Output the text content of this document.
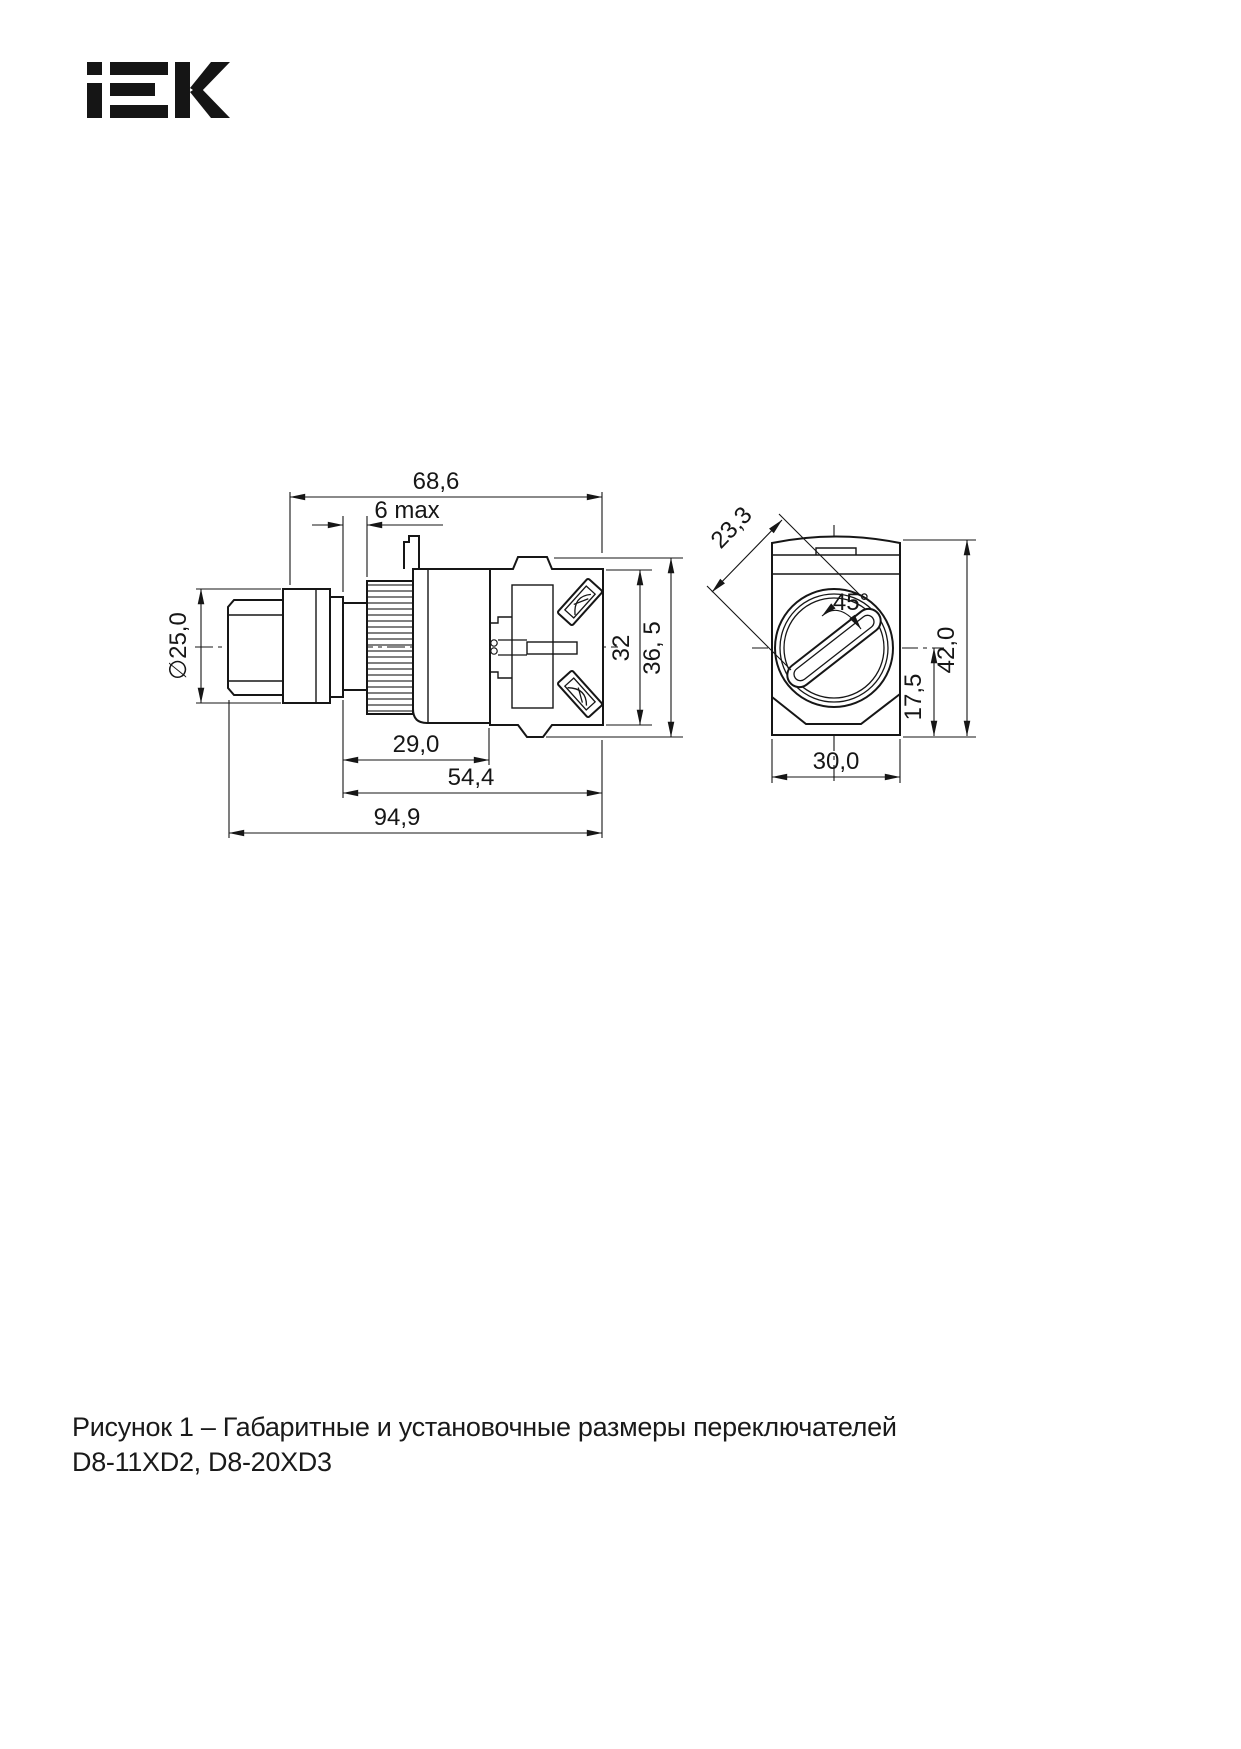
∅25,0
68,6
6 max
32 36, 5
29,0
54,4
94,9
23,3
45°
42,0
17,5
30,0
Рисунок 1 – Габаритные и установочные размеры переключателей
D8-11XD2, D8-20XD3
